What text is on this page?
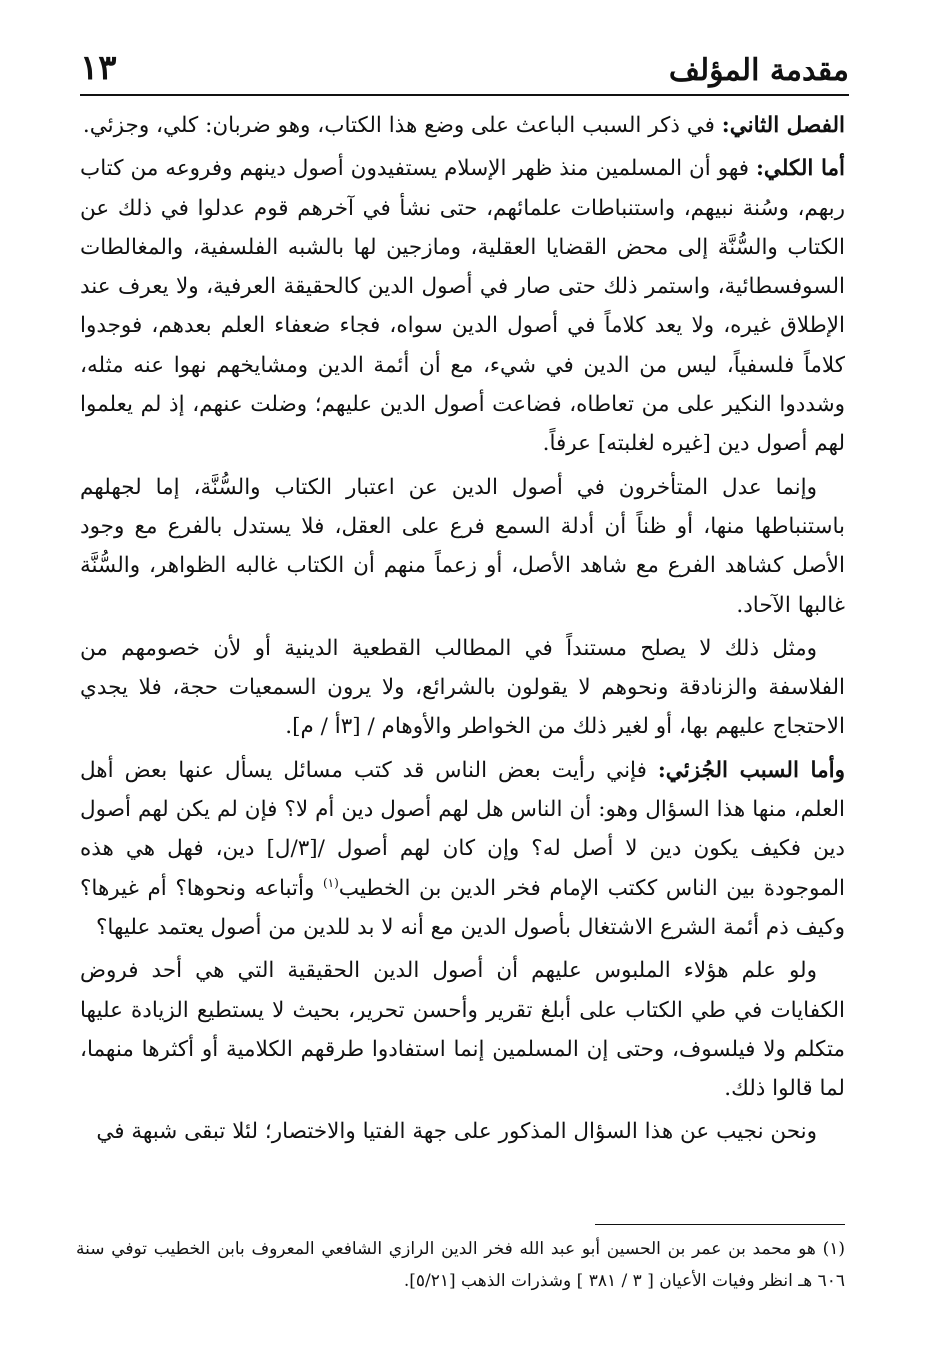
مقدمة المؤلف
١٣

الفصل الثاني: في ذكر السبب الباعث على وضع هذا الكتاب، وهو ضربان: كلي، وجزئي.

أما الكلي: فهو أن المسلمين منذ ظهر الإسلام يستفيدون أصول دينهم وفروعه من كتاب ربهم، وسُنة نبيهم، واستنباطات علمائهم، حتى نشأ في آخرهم قوم عدلوا في ذلك عن الكتاب والسُّنَّة إلى محض القضايا العقلية، ومازجين لها بالشبه الفلسفية، والمغالطات السوفسطائية، واستمر ذلك حتى صار في أصول الدين كالحقيقة العرفية، ولا يعرف عند الإطلاق غيره، ولا يعد كلاماً في أصول الدين سواه، فجاء ضعفاء العلم بعدهم، فوجدوا كلاماً فلسفياً، ليس من الدين في شيء، مع أن أئمة الدين ومشايخهم نهوا عنه مثله، وشددوا النكير على من تعاطاه، فضاعت أصول الدين عليهم؛ وضلت عنهم، إذ لم يعلموا لهم أصول دين [غيره لغلبته] عرفاً.

وإنما عدل المتأخرون في أصول الدين عن اعتبار الكتاب والسُّنَّة، إما لجهلهم باستنباطها منها، أو ظناً أن أدلة السمع فرع على العقل، فلا يستدل بالفرع مع وجود الأصل كشاهد الفرع مع شاهد الأصل، أو زعماً منهم أن الكتاب غالبه الظواهر، والسُّنَّة غالبها الآحاد.

ومثل ذلك لا يصلح مستنداً في المطالب القطعية الدينية أو لأن خصومهم من الفلاسفة والزنادقة ونحوهم لا يقولون بالشرائع، ولا يرون السمعيات حجة، فلا يجدي الاحتجاج عليهم بها، أو لغير ذلك من الخواطر والأوهام / [٣أ / م].

وأما السبب الجُزئي: فإني رأيت بعض الناس قد كتب مسائل يسأل عنها بعض أهل العلم، منها هذا السؤال وهو: أن الناس هل لهم أصول دين أم لا؟ فإن لم يكن لهم أصول دين فكيف يكون دين لا أصل له؟ وإن كان لهم أصول /[٣/ل] دين، فهل هي هذه الموجودة بين الناس ككتب الإمام فخر الدين بن الخطيب$^{(١)}$ وأتباعه ونحوها؟ أم غيرها؟ وكيف ذم أئمة الشرع الاشتغال بأصول الدين مع أنه لا بد للدين من أصول يعتمد عليها؟

ولو علم هؤلاء الملبوس عليهم أن أصول الدين الحقيقية التي هي أحد فروض الكفايات في طي الكتاب على أبلغ تقرير وأحسن تحرير، بحيث لا يستطيع الزيادة عليها متكلم ولا فيلسوف، وحتى إن المسلمين إنما استفادوا طرقهم الكلامية أو أكثرها منهما، لما قالوا ذلك.

ونحن نجيب عن هذا السؤال المذكور على جهة الفتيا والاختصار؛ لئلا تبقى شبهة في

(١) هو محمد بن عمر بن الحسين أبو عبد الله فخر الدين الرازي الشافعي المعروف بابن الخطيب توفي سنة ٦٠٦ هـ انظر وفيات الأعيان [ ٣ / ٣٨١ ] وشذرات الذهب [٥/٢١].
